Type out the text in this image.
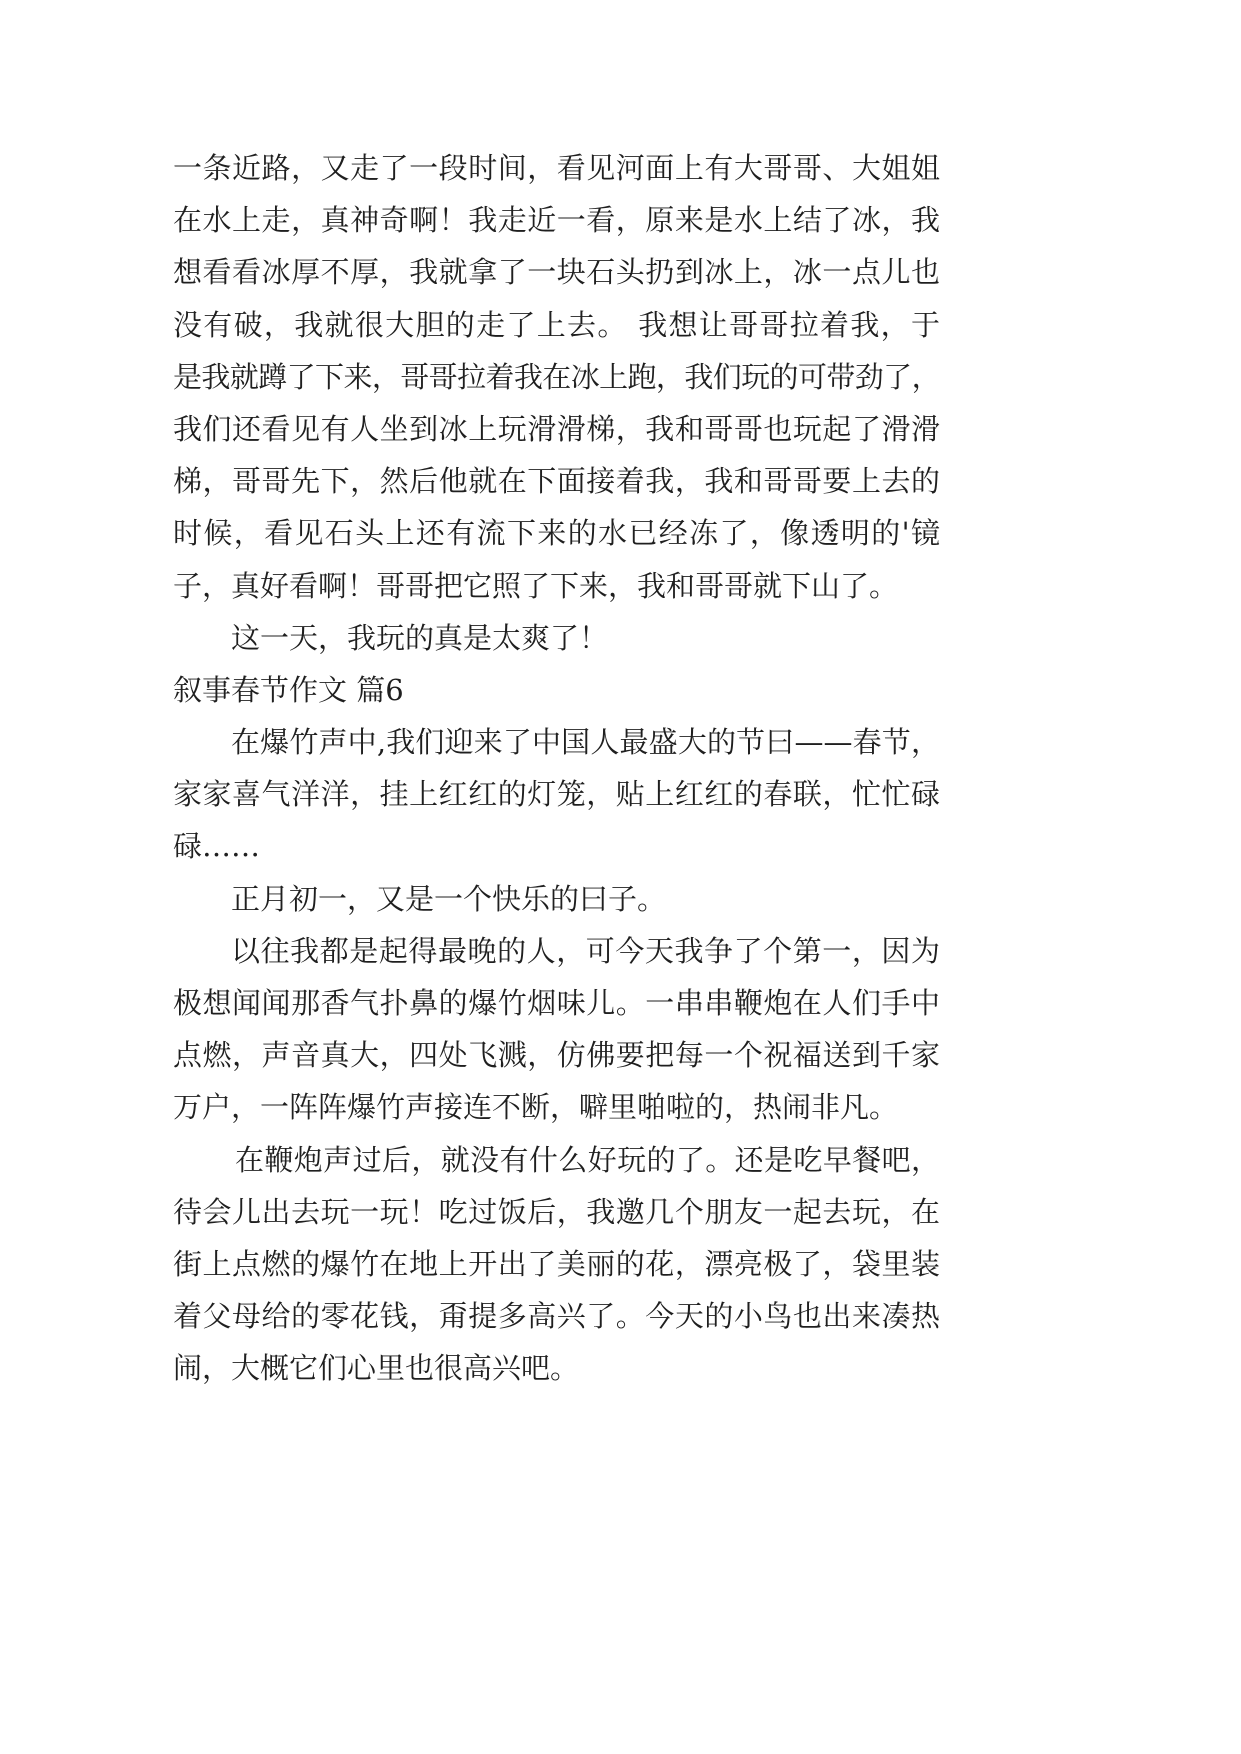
一条近路，又走了一段时间，看见河面上有大哥哥、大姐姐
在水上走，真神奇啊！我走近一看，原来是水上结了冰，我
想看看冰厚不厚，我就拿了一块石头扔到冰上，冰一点儿也
没有破，我就很大胆的走了上去。 我想让哥哥拉着我，于
是我就蹲了下来，哥哥拉着我在冰上跑，我们玩的可带劲了，
我们还看见有人坐到冰上玩滑滑梯，我和哥哥也玩起了滑滑
梯，哥哥先下，然后他就在下面接着我，我和哥哥要上去的
时候，看见石头上还有流下来的水已经冻了，像透明的'镜
子，真好看啊！哥哥把它照了下来，我和哥哥就下山了。
这一天，我玩的真是太爽了！
叙事春节作文 篇6
在爆竹声中,我们迎来了中国人最盛大的节曰——春节，
家家喜气洋洋，挂上红红的灯笼，贴上红红的春联，忙忙碌
碌……
正月初一，又是一个快乐的曰子。
以往我都是起得最晚的人，可今天我争了个第一，因为
极想闻闻那香气扑鼻的爆竹烟味儿。一串串鞭炮在人们手中
点燃，声音真大，四处飞溅，仿佛要把每一个祝福送到千家
万户，一阵阵爆竹声接连不断，噼里啪啦的，热闹非凡。
在鞭炮声过后，就没有什么好玩的了。还是吃早餐吧，
待会儿出去玩一玩！吃过饭后，我邀几个朋友一起去玩，在
街上点燃的爆竹在地上开出了美丽的花，漂亮极了，袋里装
着父母给的零花钱，甭提多高兴了。今天的小鸟也出来凑热
闹，大概它们心里也很高兴吧。
